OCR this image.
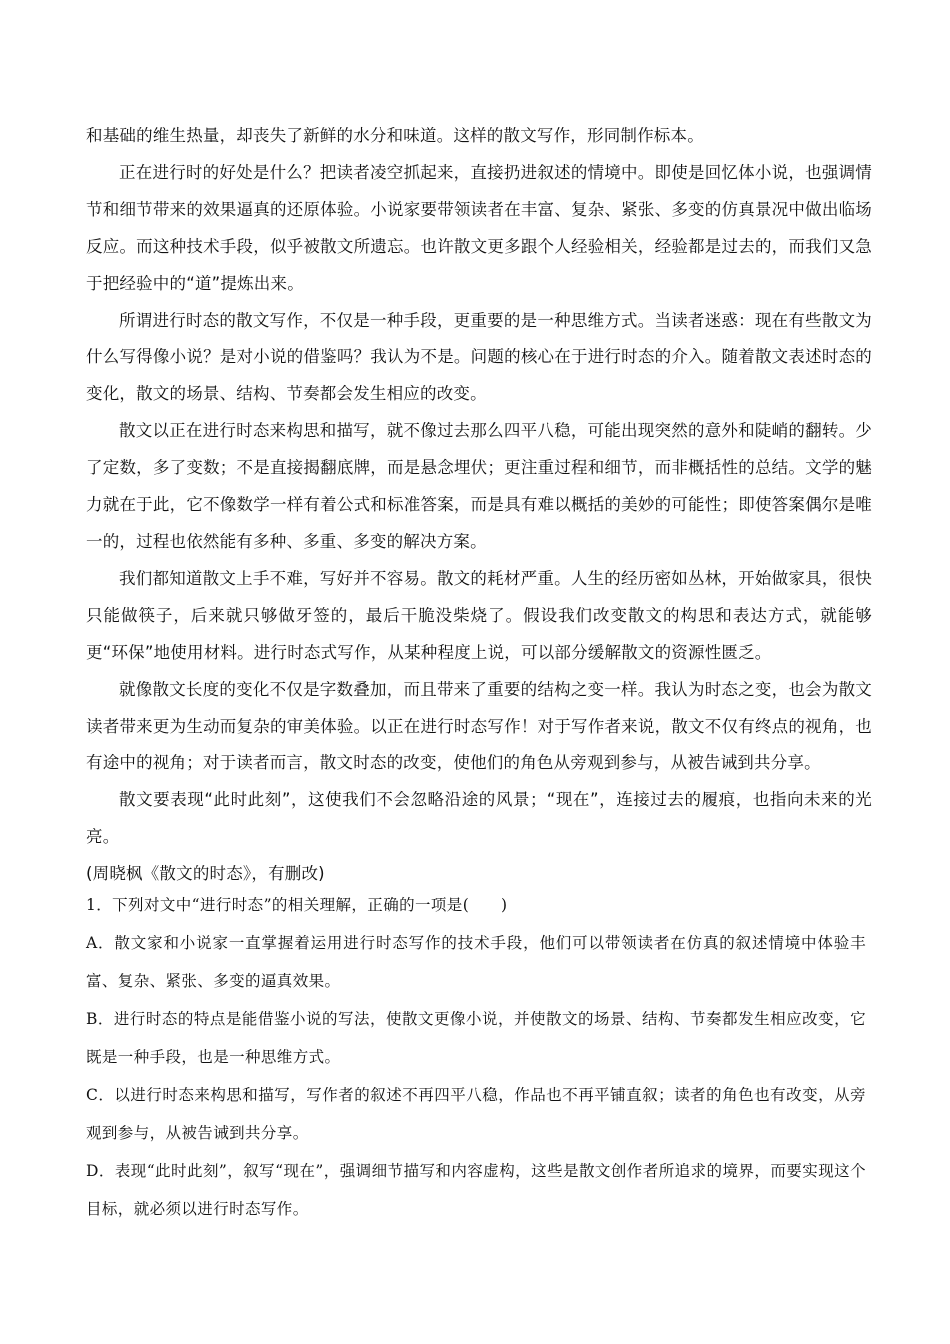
和基础的维生热量，却丧失了新鲜的水分和味道。这样的散文写作，形同制作标本。

正在进行时的好处是什么？把读者凌空抓起来，直接扔进叙述的情境中。即使是回忆体小说，也强调情节和细节带来的效果逼真的还原体验。小说家要带领读者在丰富、复杂、紧张、多变的仿真景况中做出临场反应。而这种技术手段，似乎被散文所遗忘。也许散文更多跟个人经验相关，经验都是过去的，而我们又急于把经验中的“道”提炼出来。

所谓进行时态的散文写作，不仅是一种手段，更重要的是一种思维方式。当读者迷惑：现在有些散文为什么写得像小说？是对小说的借鉴吗？我认为不是。问题的核心在于进行时态的介入。随着散文表述时态的变化，散文的场景、结构、节奏都会发生相应的改变。

散文以正在进行时态来构思和描写，就不像过去那么四平八稳，可能出现突然的意外和陡峭的翻转。少了定数，多了变数；不是直接揭翻底牌，而是悬念埋伏；更注重过程和细节，而非概括性的总结。文学的魅力就在于此，它不像数学一样有着公式和标准答案，而是具有难以概括的美妙的可能性；即使答案偶尔是唯一的，过程也依然能有多种、多重、多变的解决方案。

我们都知道散文上手不难，写好并不容易。散文的耗材严重。人生的经历密如丛林，开始做家具，很快只能做筷子，后来就只够做牙签的，最后干脆没柴烧了。假设我们改变散文的构思和表达方式，就能够更“环保”地使用材料。进行时态式写作，从某种程度上说，可以部分缓解散文的资源性匮乏。

就像散文长度的变化不仅是字数叠加，而且带来了重要的结构之变一样。我认为时态之变，也会为散文读者带来更为生动而复杂的审美体验。以正在进行时态写作！对于写作者来说，散文不仅有终点的视角，也有途中的视角；对于读者而言，散文时态的改变，使他们的角色从旁观到参与，从被告诫到共分享。

散文要表现“此时此刻”，这使我们不会忽略沿途的风景；“现在”，连接过去的履痕，也指向未来的光亮。

(周晓枫《散文的时态》，有删改)

1．下列对文中“进行时态”的相关理解，正确的一项是(　　)

A．散文家和小说家一直掌握着运用进行时态写作的技术手段，他们可以带领读者在仿真的叙述情境中体验丰富、复杂、紧张、多变的逼真效果。

B．进行时态的特点是能借鉴小说的写法，使散文更像小说，并使散文的场景、结构、节奏都发生相应改变，它既是一种手段，也是一种思维方式。

C．以进行时态来构思和描写，写作者的叙述不再四平八稳，作品也不再平铺直叙；读者的角色也有改变，从旁观到参与，从被告诫到共分享。

D．表现“此时此刻”，叙写“现在”，强调细节描写和内容虚构，这些是散文创作者所追求的境界，而要实现这个目标，就必须以进行时态写作。
